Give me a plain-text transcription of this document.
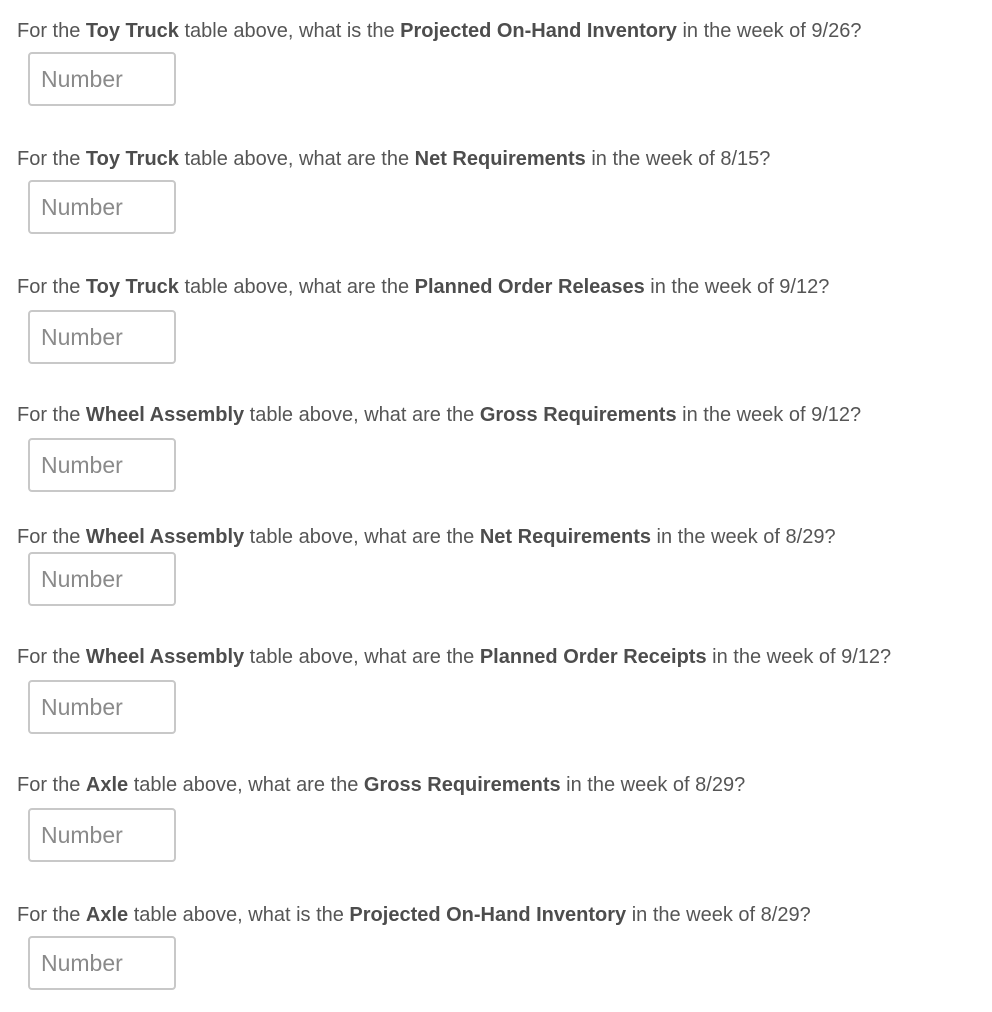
For the Toy Truck table above, what is the Projected On-Hand Inventory in the week of 9/26?

Number

For the Toy Truck table above, what are the Net Requirements in the week of 8/15?

Number

For the Toy Truck table above, what are the Planned Order Releases in the week of 9/12?

Number

For the Wheel Assembly table above, what are the Gross Requirements in the week of 9/12?

Number

For the Wheel Assembly table above, what are the Net Requirements in the week of 8/29?

Number

For the Wheel Assembly table above, what are the Planned Order Receipts in the week of 9/12?

Number

For the Axle table above, what are the Gross Requirements in the week of 8/29?

Number

For the Axle table above, what is the Projected On-Hand Inventory in the week of 8/29?

Number
